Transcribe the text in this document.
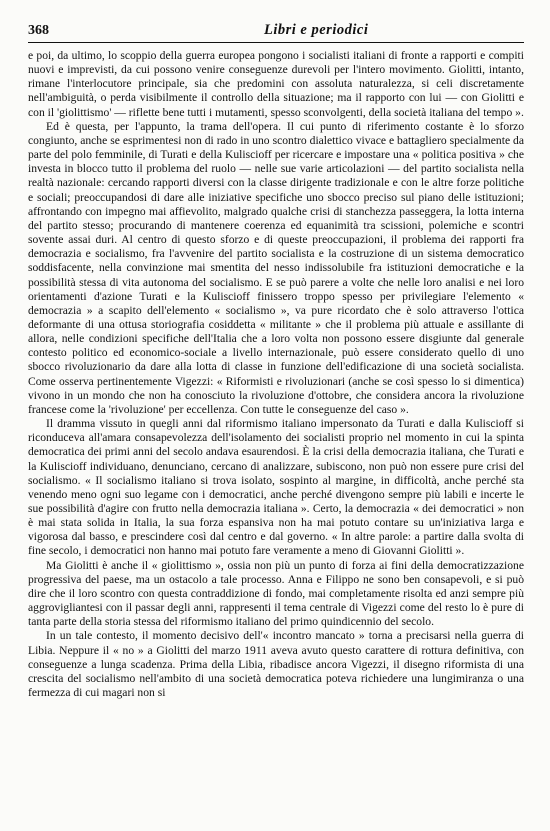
368	Libri e periodici

e poi, da ultimo, lo scoppio della guerra europea pongono i socialisti italiani di fronte a rapporti e compiti nuovi e imprevisti, da cui possono venire conseguenze durevoli per l'intero movimento. Giolitti, intanto, rimane l'interlocutore principale, sia che predomini con assoluta naturalezza, si celi discretamente nell'ambiguità, o perda visibilmente il controllo della situazione; ma il rapporto con lui — con Giolitti e con il 'giolittismo' — riflette bene tutti i mutamenti, spesso sconvolgenti, della società italiana del tempo ».

Ed è questa, per l'appunto, la trama dell'opera. Il cui punto di riferimento costante è lo sforzo congiunto, anche se esprimentesi non di rado in uno scontro dialettico vivace e battagliero specialmente da parte del polo femminile, di Turati e della Kuliscioff per ricercare e impostare una « politica positiva » che investa in blocco tutto il problema del ruolo — nelle sue varie articolazioni — del partito socialista nella realtà nazionale: cercando rapporti diversi con la classe dirigente tradizionale e con le altre forze politiche e sociali; preoccupandosi di dare alle iniziative specifiche uno sbocco preciso sul piano delle istituzioni; affrontando con impegno mai affievolito, malgrado qualche crisi di stanchezza passeggera, la lotta interna del partito stesso; procurando di mantenere coerenza ed equanimità tra scissioni, polemiche e scontri sovente assai duri. Al centro di questo sforzo e di queste preoccupazioni, il problema dei rapporti fra democrazia e socialismo, fra l'avvenire del partito socialista e la costruzione di un sistema democratico soddisfacente, nella convinzione mai smentita del nesso indissolubile fra istituzioni democratiche e la possibilità stessa di vita autonoma del socialismo. E se può parere a volte che nelle loro analisi e nei loro orientamenti d'azione Turati e la Kuliscioff finissero troppo spesso per privilegiare l'elemento « democrazia » a scapito dell'elemento « socialismo », va pure ricordato che è solo attraverso l'ottica deformante di una ottusa storiografia cosiddetta « militante » che il problema più attuale e assillante di allora, nelle condizioni specifiche dell'Italia che a loro volta non possono essere disgiunte dal generale contesto politico ed economico-sociale a livello internazionale, può essere considerato quello di uno sbocco rivoluzionario da dare alla lotta di classe in funzione dell'edificazione di una società socialista. Come osserva pertinentemente Vigezzi: « Riformisti e rivoluzionari (anche se così spesso lo si dimentica) vivono in un mondo che non ha conosciuto la rivoluzione d'ottobre, che considera ancora la rivoluzione francese come la 'rivoluzione' per eccellenza. Con tutte le conseguenze del caso ».

Il dramma vissuto in quegli anni dal riformismo italiano impersonato da Turati e dalla Kuliscioff si riconduceva all'amara consapevolezza dell'isolamento dei socialisti proprio nel momento in cui la spinta democratica dei primi anni del secolo andava esaurendosi. È la crisi della democrazia italiana, che Turati e la Kuliscioff individuano, denunciano, cercano di analizzare, subiscono, non può non essere pure crisi del socialismo. « Il socialismo italiano si trova isolato, sospinto al margine, in difficoltà, anche perché sta venendo meno ogni suo legame con i democratici, anche perché divengono sempre più labili e incerte le sue possibilità d'agire con frutto nella democrazia italiana ». Certo, la democrazia « dei democratici » non è mai stata solida in Italia, la sua forza espansiva non ha mai potuto contare su un'iniziativa larga e vigorosa dal basso, e prescindere così dal centro e dal governo. « In altre parole: a partire dalla svolta di fine secolo, i democratici non hanno mai potuto fare veramente a meno di Giovanni Giolitti ».

Ma Giolitti è anche il « giolittismo », ossia non più un punto di forza ai fini della democratizzazione progressiva del paese, ma un ostacolo a tale processo. Anna e Filippo ne sono ben consapevoli, e si può dire che il loro scontro con questa contraddizione di fondo, mai completamente risolta ed anzi sempre più aggrovigliantesi con il passar degli anni, rappresenti il tema centrale di Vigezzi come del resto lo è pure di tanta parte della storia stessa del riformismo italiano del primo quindicennio del secolo.

In un tale contesto, il momento decisivo dell'« incontro mancato » torna a precisarsi nella guerra di Libia. Neppure il « no » a Giolitti del marzo 1911 aveva avuto questo carattere di rottura definitiva, con conseguenze a lunga scadenza. Prima della Libia, ribadisce ancora Vigezzi, il disegno riformista di una crescita del socialismo nell'ambito di una società democratica poteva richiedere una lungimiranza o una fermezza di cui magari non si
